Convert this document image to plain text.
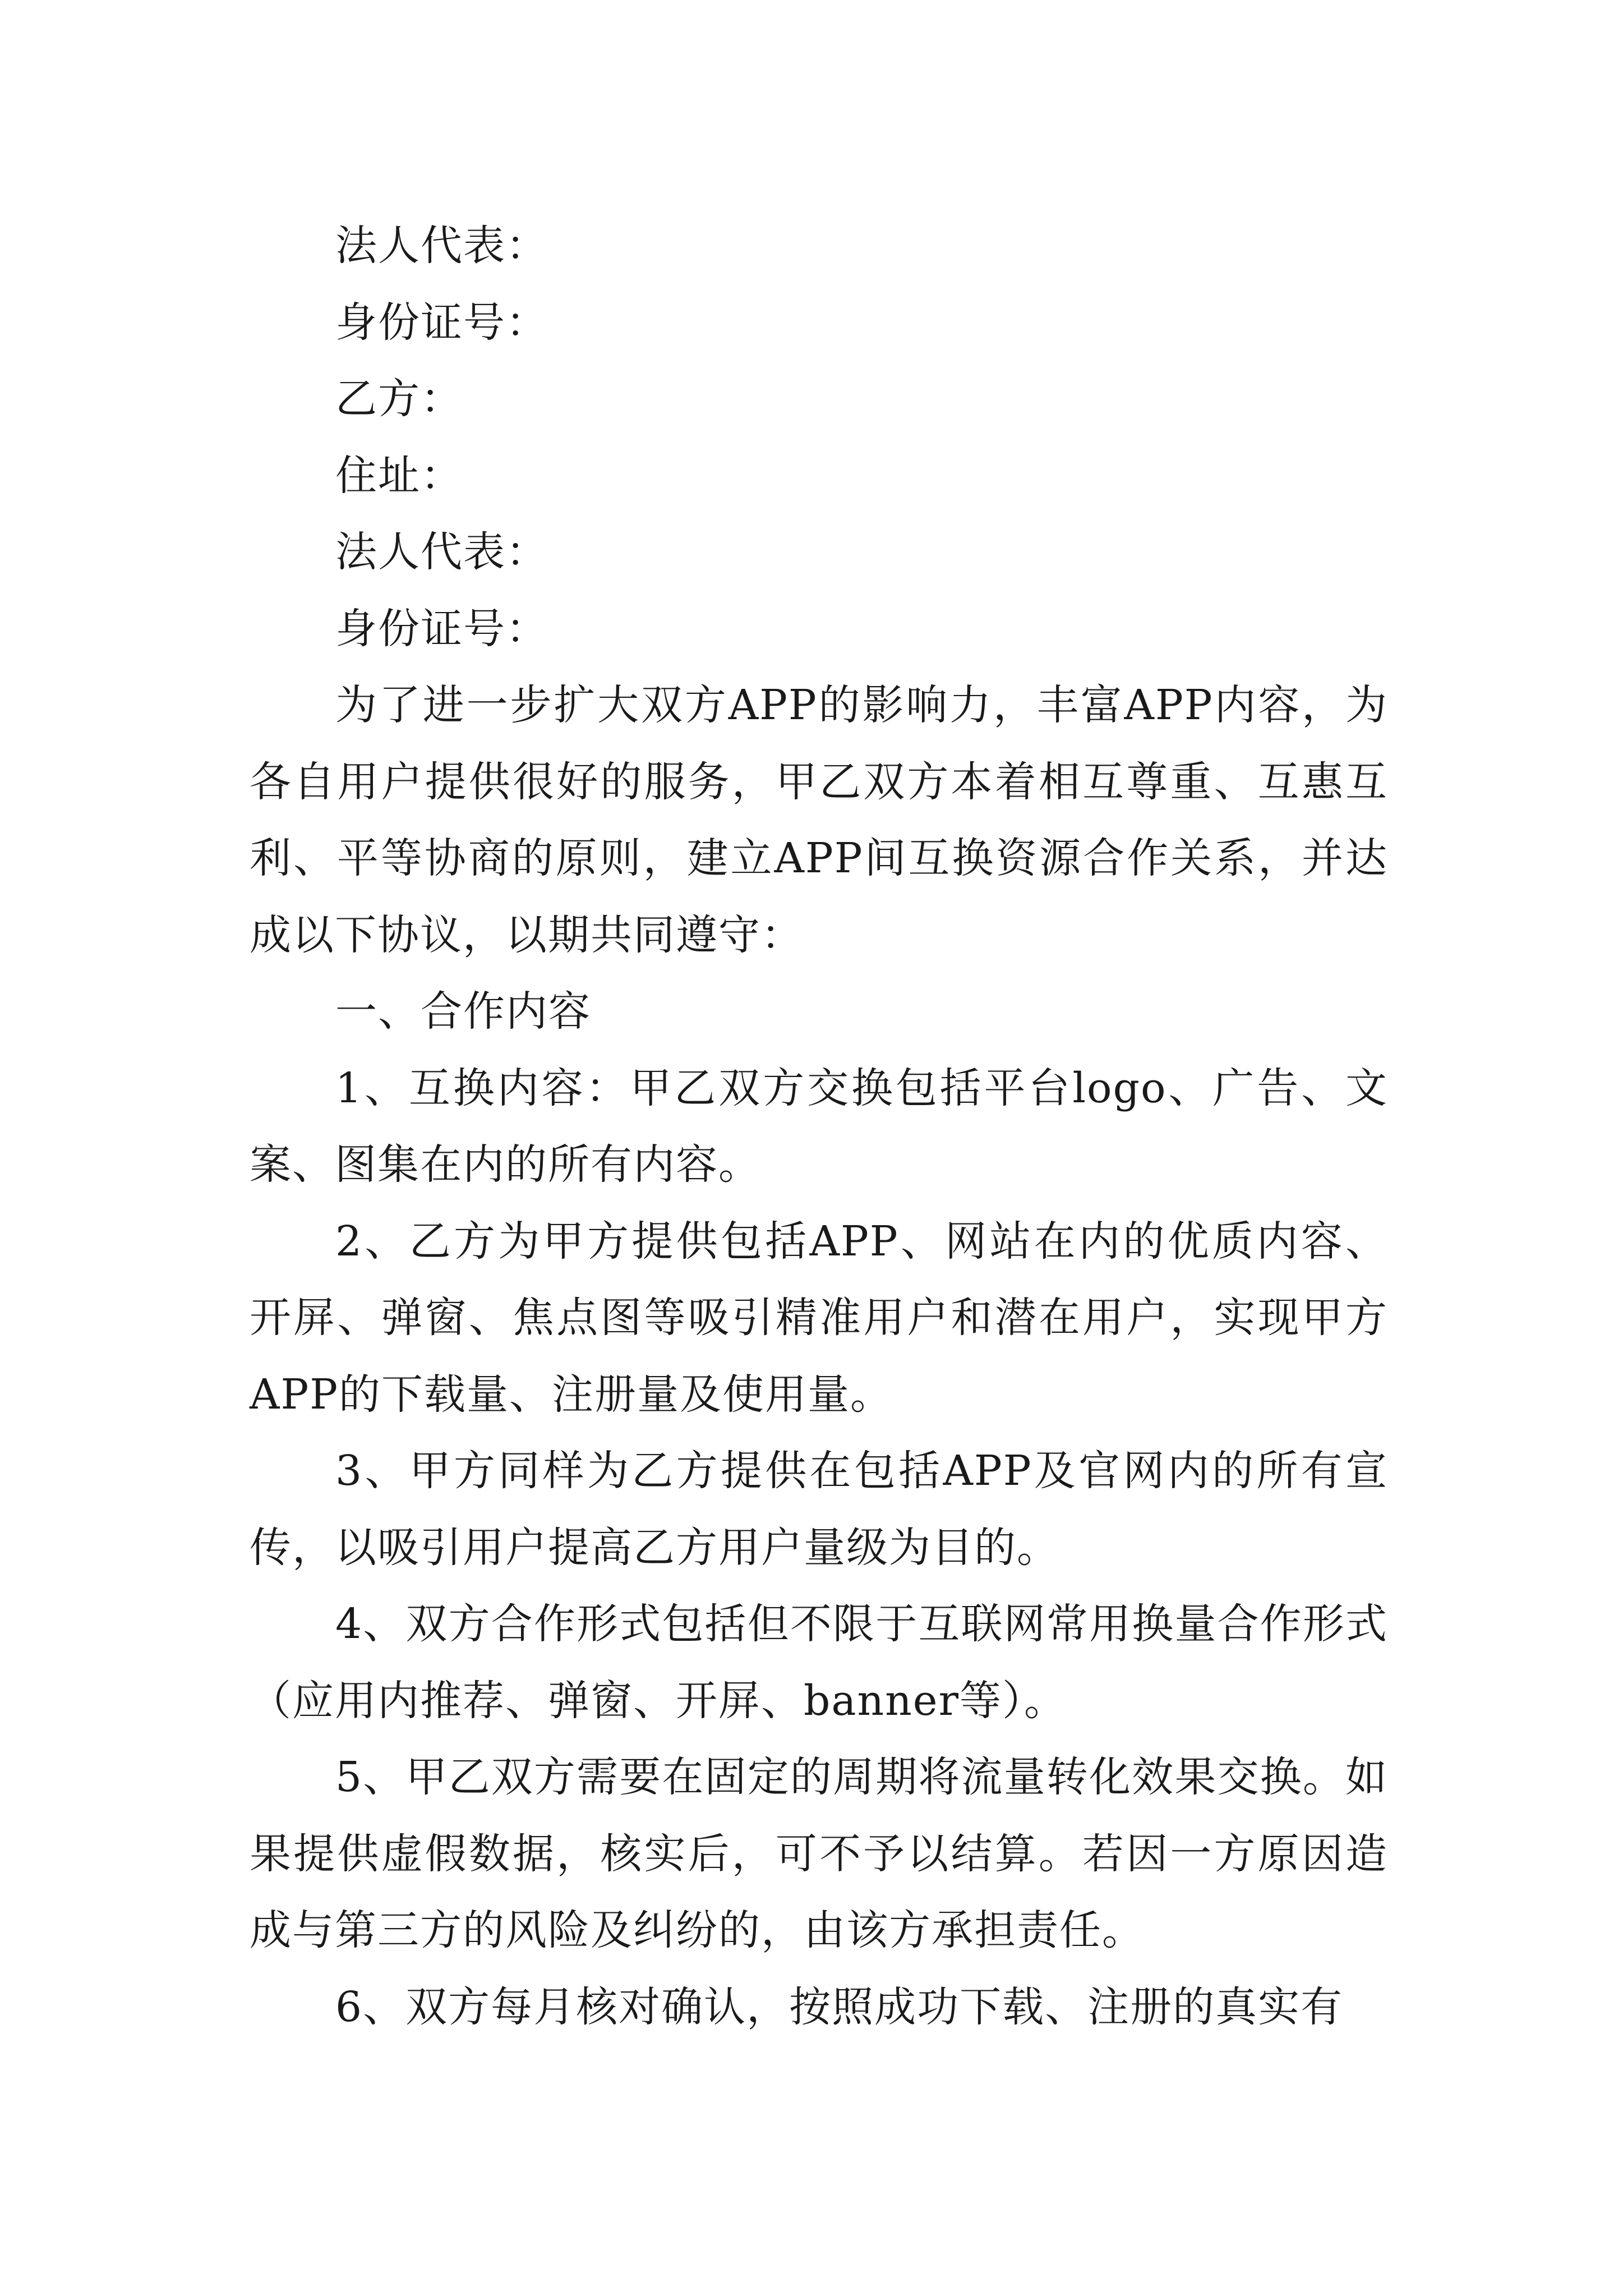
法人代表：

身份证号：

乙方：

住址：

法人代表：

身份证号：

为了进一步扩大双方APP的影响力，丰富APP内容，为各自用户提供很好的服务，甲乙双方本着相互尊重、互惠互利、平等协商的原则，建立APP间互换资源合作关系，并达成以下协议，以期共同遵守：

一、合作内容

1、互换内容：甲乙双方交换包括平台logo、广告、文案、图集在内的所有内容。

2、乙方为甲方提供包括APP、网站在内的优质内容、开屏、弹窗、焦点图等吸引精准用户和潜在用户，实现甲方APP的下载量、注册量及使用量。

3、甲方同样为乙方提供在包括APP及官网内的所有宣传，以吸引用户提高乙方用户量级为目的。

4、双方合作形式包括但不限于互联网常用换量合作形式（应用内推荐、弹窗、开屏、banner等）。

5、甲乙双方需要在固定的周期将流量转化效果交换。如果提供虚假数据，核实后，可不予以结算。若因一方原因造成与第三方的风险及纠纷的，由该方承担责任。

6、双方每月核对确认，按照成功下载、注册的真实有
